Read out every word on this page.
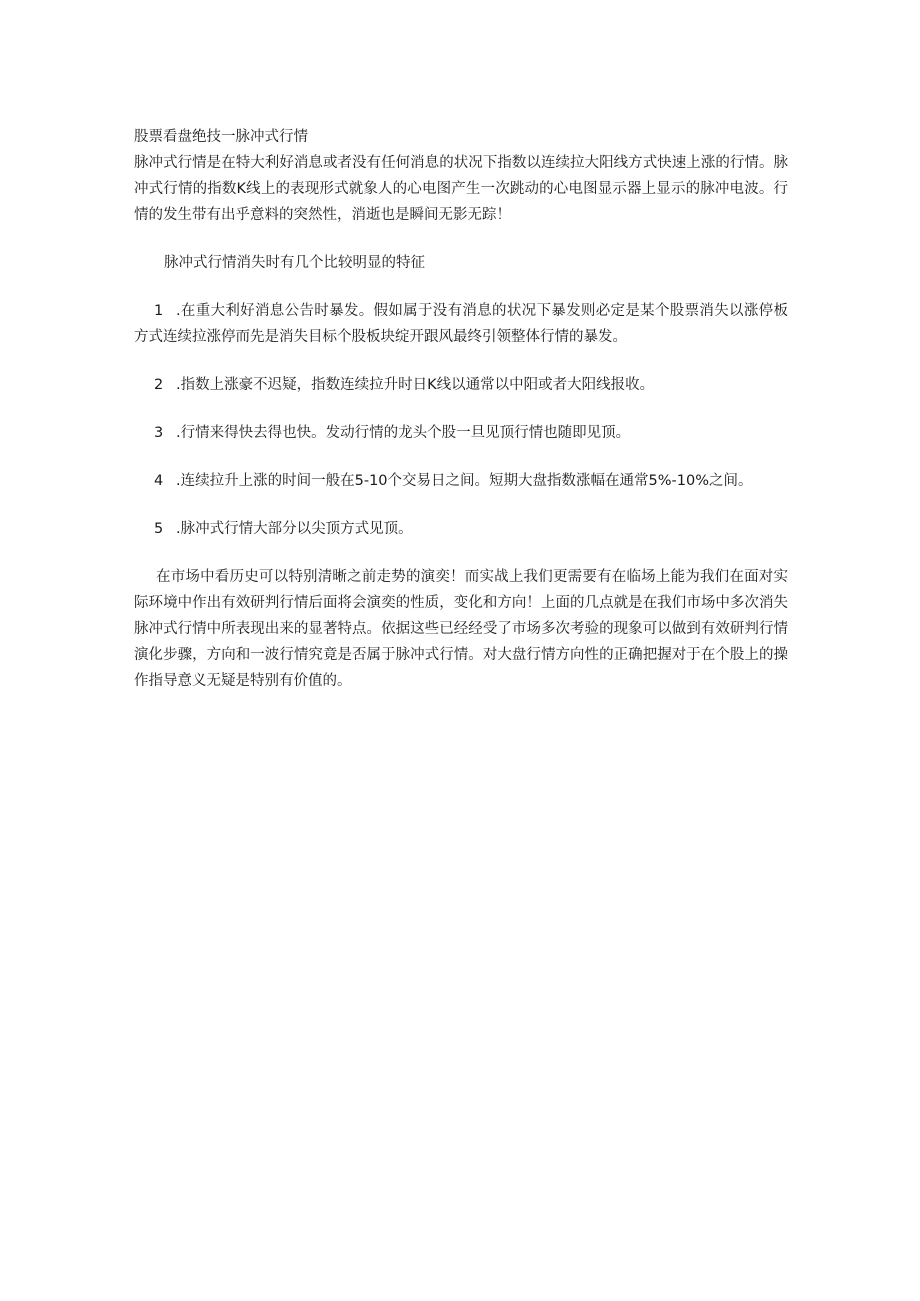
股票看盘绝技一脉冲式行情

脉冲式行情是在特大利好消息或者没有任何消息的状况下指数以连续拉大阳线方式快速上涨的行情。脉冲式行情的指数K线上的表现形式就象人的心电图产生一次跳动的心电图显示器上显示的脉冲电波。行情的发生带有出乎意料的突然性，消逝也是瞬间无影无踪！

脉冲式行情消失时有几个比较明显的特征

1 .在重大利好消息公告时暴发。假如属于没有消息的状况下暴发则必定是某个股票消失以涨停板方式连续拉涨停而先是消失目标个股板块绽开跟风最终引领整体行情的暴发。

2 .指数上涨豪不迟疑，指数连续拉升时日K线以通常以中阳或者大阳线报收。

3 .行情来得快去得也快。发动行情的龙头个股一旦见顶行情也随即见顶。

4 .连续拉升上涨的时间一般在5-10个交易日之间。短期大盘指数涨幅在通常5%-10%之间。

5 .脉冲式行情大部分以尖顶方式见顶。

在市场中看历史可以特别清晰之前走势的演奕！而实战上我们更需要有在临场上能为我们在面对实际环境中作出有效研判行情后面将会演奕的性质，变化和方向！上面的几点就是在我们市场中多次消失脉冲式行情中所表现出来的显著特点。依据这些已经经受了市场多次考验的现象可以做到有效研判行情演化步骤，方向和一波行情究竟是否属于脉冲式行情。对大盘行情方向性的正确把握对于在个股上的操作指导意义无疑是特别有价值的。
